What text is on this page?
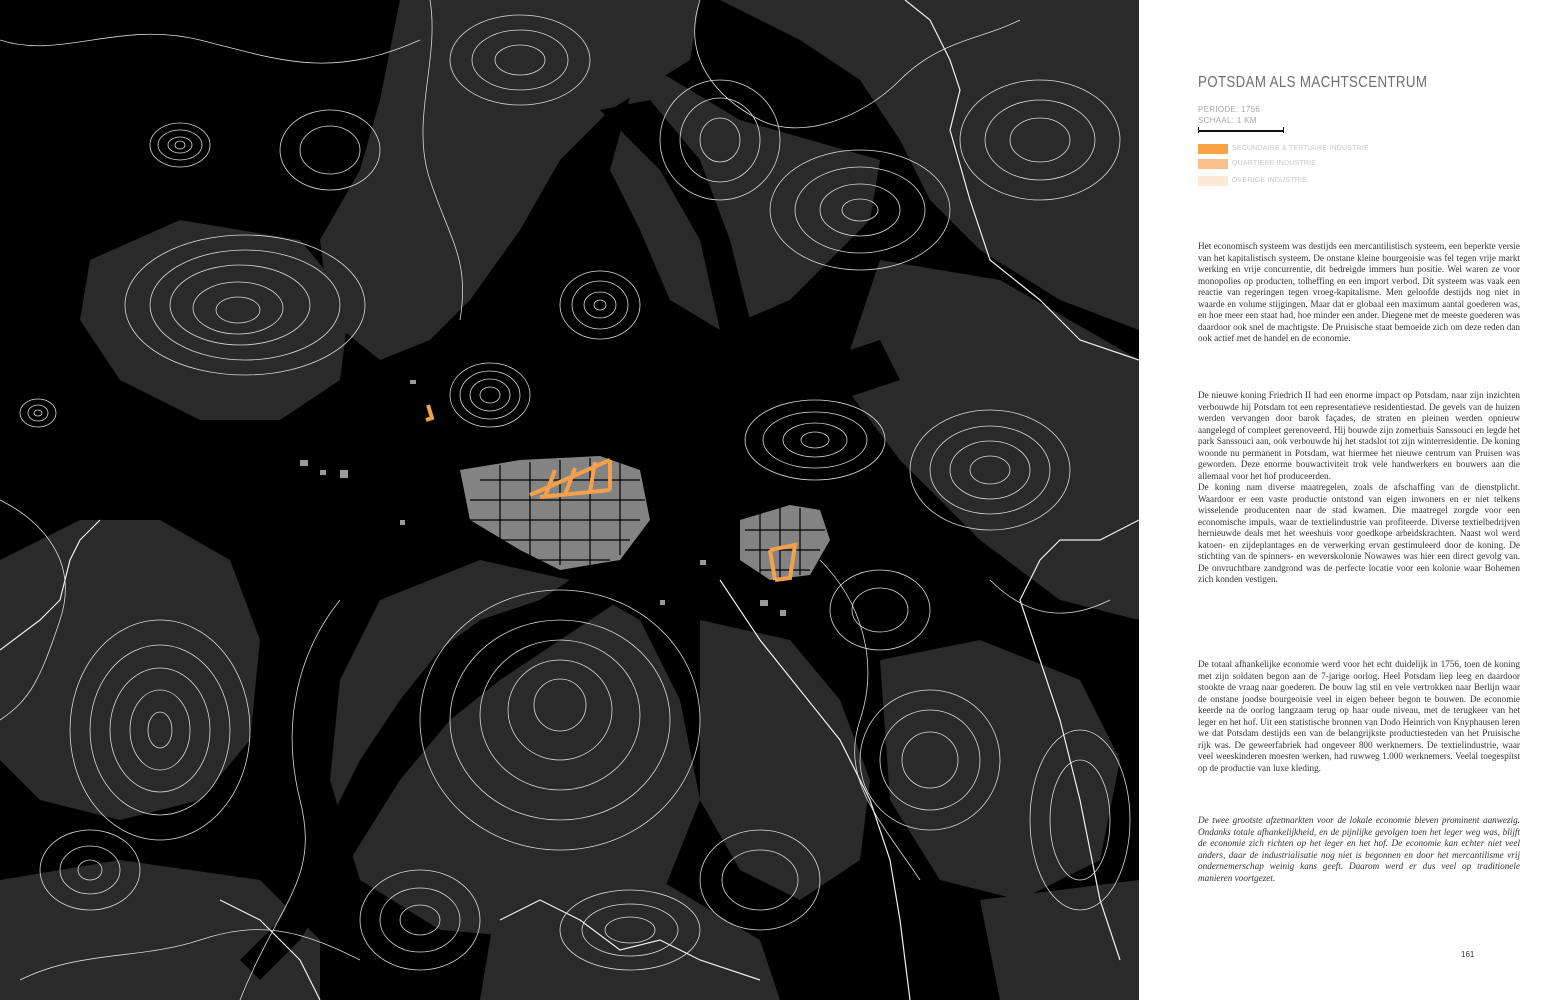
POTSDAM ALS MACHTSCENTRUM
PERIODE: 1756
SCHAAL: 1 KM
SECUNDAIRE & TERTIAIRE INDUSTRIE
QUARTIERE INDUSTRIE
OVERIGE INDUSTRIE

Het economisch systeem was destijds een mercantilistisch systeem, een beperkte versie van het kapitalistisch systeem. De onstane kleine bourgeoisie was fel tegen vrije markt werking en vrije concurrentie, dit bedreigde immers hun positie. Wel waren ze voor monopolies op producten, tolheffing en een import verbod. Dit systeem was vaak een reactie van regeringen tegen vroeg-kapitalisme. Men geloofde destijds nog niet in waarde en volume stijgingen. Maar dat er globaal een maximum aantal goederen was, en hoe meer een staat had, hoe minder een ander. Diegene met de meeste goederen was daardoor ook snel de machtigste. De Pruisische staat bemoeide zich om deze reden dan ook actief met de handel en de economie.

De nieuwe koning Friedrich II had een enorme impact op Potsdam, naar zijn inzichten verbouwde hij Potsdam tot een representatieve residentiestad. De gevels van de huizen werden vervangen door barok façades, de straten en pleinen werden opnieuw aangelegd of compleet gerenoveerd. Hij bouwde zijn zomerhuis Sanssouci en legde het park Sanssouci aan, ook verbouwde hij het stadslot tot zijn winterresidentie. De koning woonde nu permanent in Potsdam, wat hiermee het nieuwe centrum van Pruisen was geworden. Deze enorme bouwactiviteit trok vele handwerkers en bouwers aan die allemaal voor het hof produceerden.
De koning nam diverse maatregelen, zoals de afschaffing van de dienstplicht. Waardoor er een vaste productie ontstond van eigen inwoners en er niet telkens wisselende producenten naar de stad kwamen. Die maatregel zorgde voor een economische impuls, waar de textielindustrie van profiteerde. Diverse textielbedrijven hernieuwde deals met het weeshuis voor goedkope arbeidskrachten. Naast wol werd katoen- en zijdeplantages en de verwerking ervan gestimuleerd door de koning. De stichting van de spinners- en weverskolonie Nowawes was hier een direct gevolg van. De onvruchtbare zandgrond was de perfecte locatie voor een kolonie waar Bohemen zich konden vestigen.

De totaal afhankelijke economie werd voor het echt duidelijk in 1756, toen de koning met zijn soldaten begon aan de 7-jarige oorlog. Heel Potsdam liep leeg en daardoor stookte de vraag naar goederen. De bouw lag stil en vele vertrokken naar Berlijn waar de onstane joodse bourgeoisie veel in eigen beheer begon te bouwen. De economie keerde na de oorlog langzaam terug op haar oude niveau, met de terugkeer van het leger en het hof. Uit een statistische bronnen van Dodo Heinrich von Knyphausen leren we dat Potsdam destijds een van de belangrijkste productiesteden van het Pruisische rijk was. De geweerfabriek had ongeveer 800 werknemers. De textielindustrie, waar veel weeskinderen moesten werken, had ruwweg 1.000 werknemers. Veelal toegespitst op de productie van luxe kleding.

De twee grootste afzetmarkten voor de lokale economie bleven prominent aanwezig. Ondanks totale afhankelijkheid, en de pijnlijke gevolgen toen het leger weg was, blijft de economie zich richten op het leger en het hof. De economie kan echter niet veel anders, daar de industrialisatie nog niet is begonnen en door het mercantilisme vrij ondernemerschap weinig kans geeft. Daarom werd er dus veel op traditionele manieren voortgezet.

161
